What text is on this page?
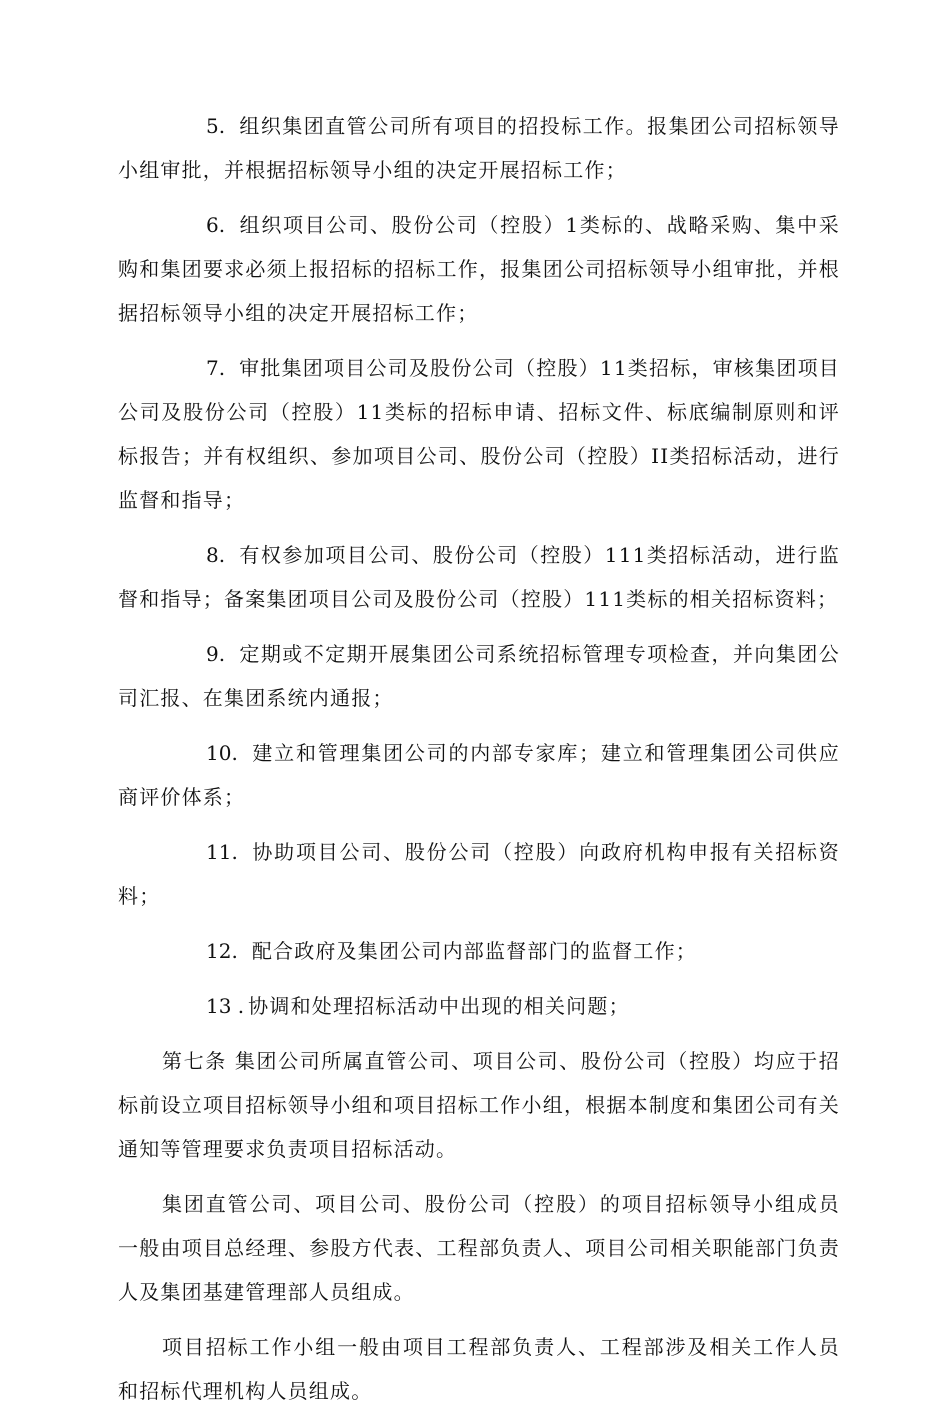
5. 组织集团直管公司所有项目的招投标工作。报集团公司招标领导小组审批，并根据招标领导小组的决定开展招标工作；

6. 组织项目公司、股份公司（控股）1类标的、战略采购、集中采购和集团要求必须上报招标的招标工作，报集团公司招标领导小组审批，并根据招标领导小组的决定开展招标工作；

7. 审批集团项目公司及股份公司（控股）11类招标，审核集团项目公司及股份公司（控股）11类标的招标申请、招标文件、标底编制原则和评标报告；并有权组织、参加项目公司、股份公司（控股）II类招标活动，进行监督和指导；

8. 有权参加项目公司、股份公司（控股）111类招标活动，进行监督和指导；备案集团项目公司及股份公司（控股）111类标的相关招标资料；

9. 定期或不定期开展集团公司系统招标管理专项检查，并向集团公司汇报、在集团系统内通报；

10. 建立和管理集团公司的内部专家库；建立和管理集团公司供应商评价体系；

11. 协助项目公司、股份公司（控股）向政府机构申报有关招标资料；

12. 配合政府及集团公司内部监督部门的监督工作；

13 . 协调和处理招标活动中出现的相关问题；

第七条 集团公司所属直管公司、项目公司、股份公司（控股）均应于招标前设立项目招标领导小组和项目招标工作小组，根据本制度和集团公司有关通知等管理要求负责项目招标活动。

集团直管公司、项目公司、股份公司（控股）的项目招标领导小组成员一般由项目总经理、参股方代表、工程部负责人、项目公司相关职能部门负责人及集团基建管理部人员组成。

项目招标工作小组一般由项目工程部负责人、工程部涉及相关工作人员和招标代理机构人员组成。
